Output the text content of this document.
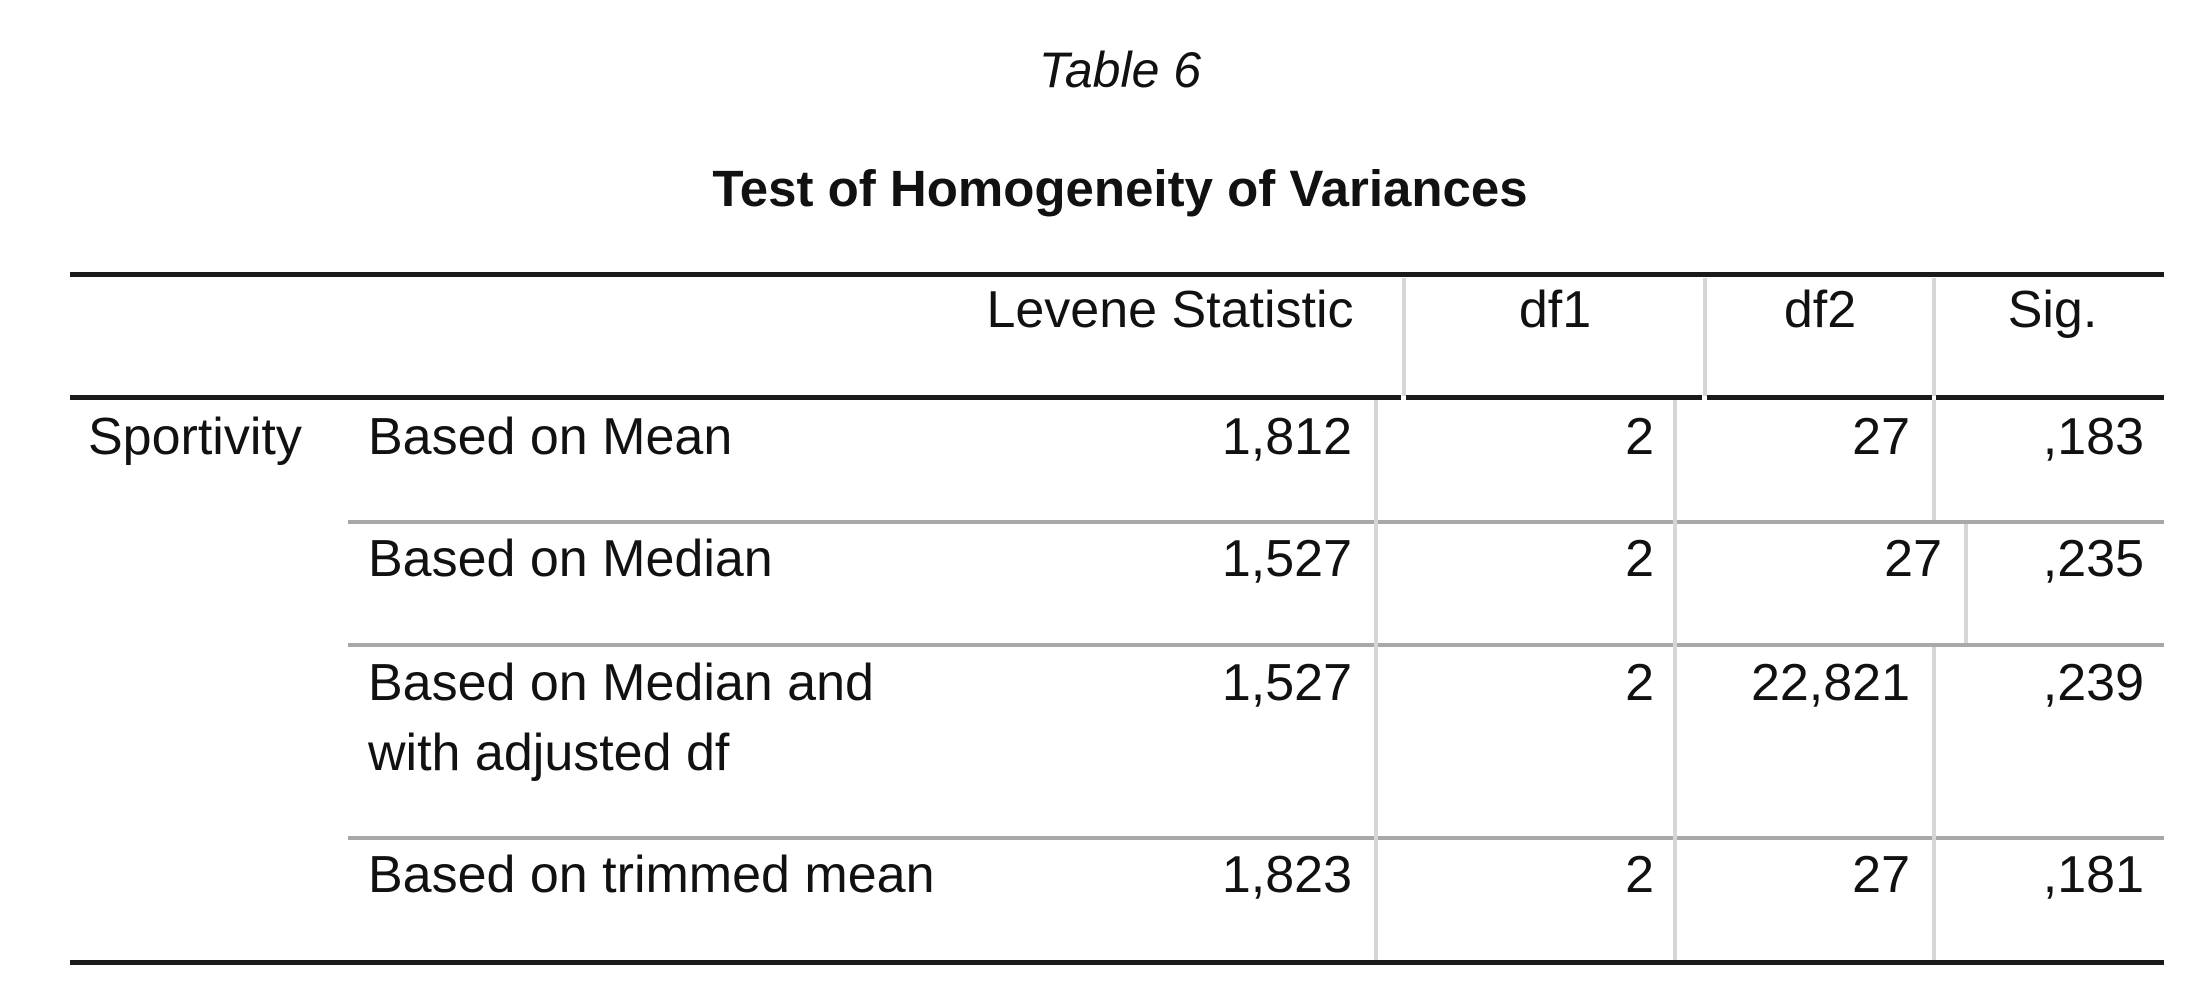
Table 6
Test of Homogeneity of Variances
Levene Statistic	df1	df2	Sig.
Sportivity Based on Mean	1,812	2	27	,183
Based on Median	1,527	2	27	,235
Based on Median and
with adjusted df
1,527	2	22,821	,239
Based on trimmed mean	1,823	2	27	,181
